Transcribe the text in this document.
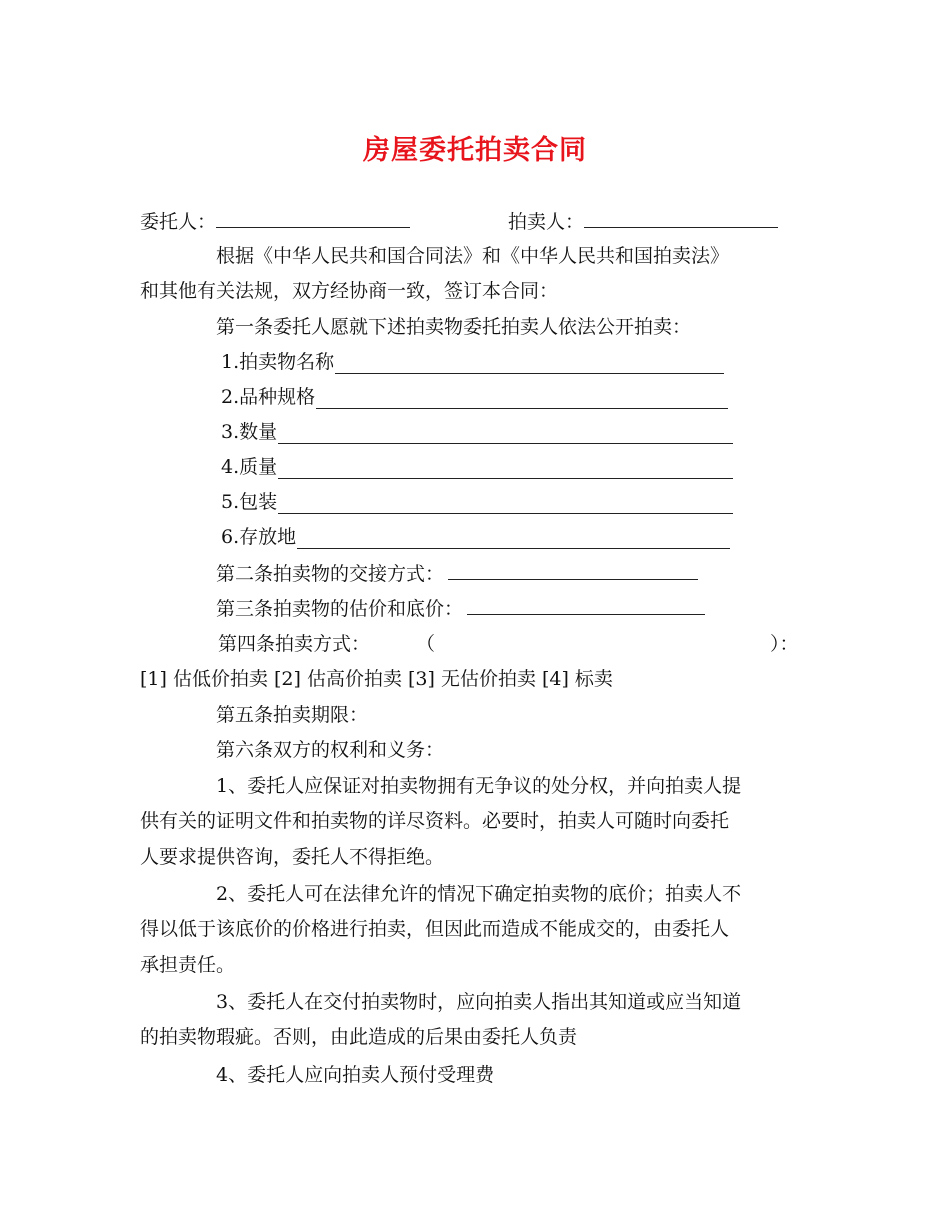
房屋委托拍卖合同
委托人：	拍卖人：
根据《中华人民共和国合同法》和《中华人民共和国拍卖法》
和其他有关法规，双方经协商一致，签订本合同：
第一条委托人愿就下述拍卖物委托拍卖人依法公开拍卖：
1.拍卖物名称
2.品种规格
3.数量
4.质量
5.包装
6.存放地
第二条拍卖物的交接方式：
第三条拍卖物的估价和底价：
第四条拍卖方式： （	）：
[1] 估低价拍卖 [2] 估高价拍卖 [3] 无估价拍卖 [4] 标卖
第五条拍卖期限：
第六条双方的权利和义务：
1、委托人应保证对拍卖物拥有无争议的处分权，并向拍卖人提
供有关的证明文件和拍卖物的详尽资料。必要时，拍卖人可随时向委托
人要求提供咨询，委托人不得拒绝。
2、委托人可在法律允许的情况下确定拍卖物的底价；拍卖人不
得以低于该底价的价格进行拍卖，但因此而造成不能成交的，由委托人
承担责任。
3、委托人在交付拍卖物时，应向拍卖人指出其知道或应当知道
的拍卖物瑕疵。否则，由此造成的后果由委托人负责
4、委托人应向拍卖人预付受理费
